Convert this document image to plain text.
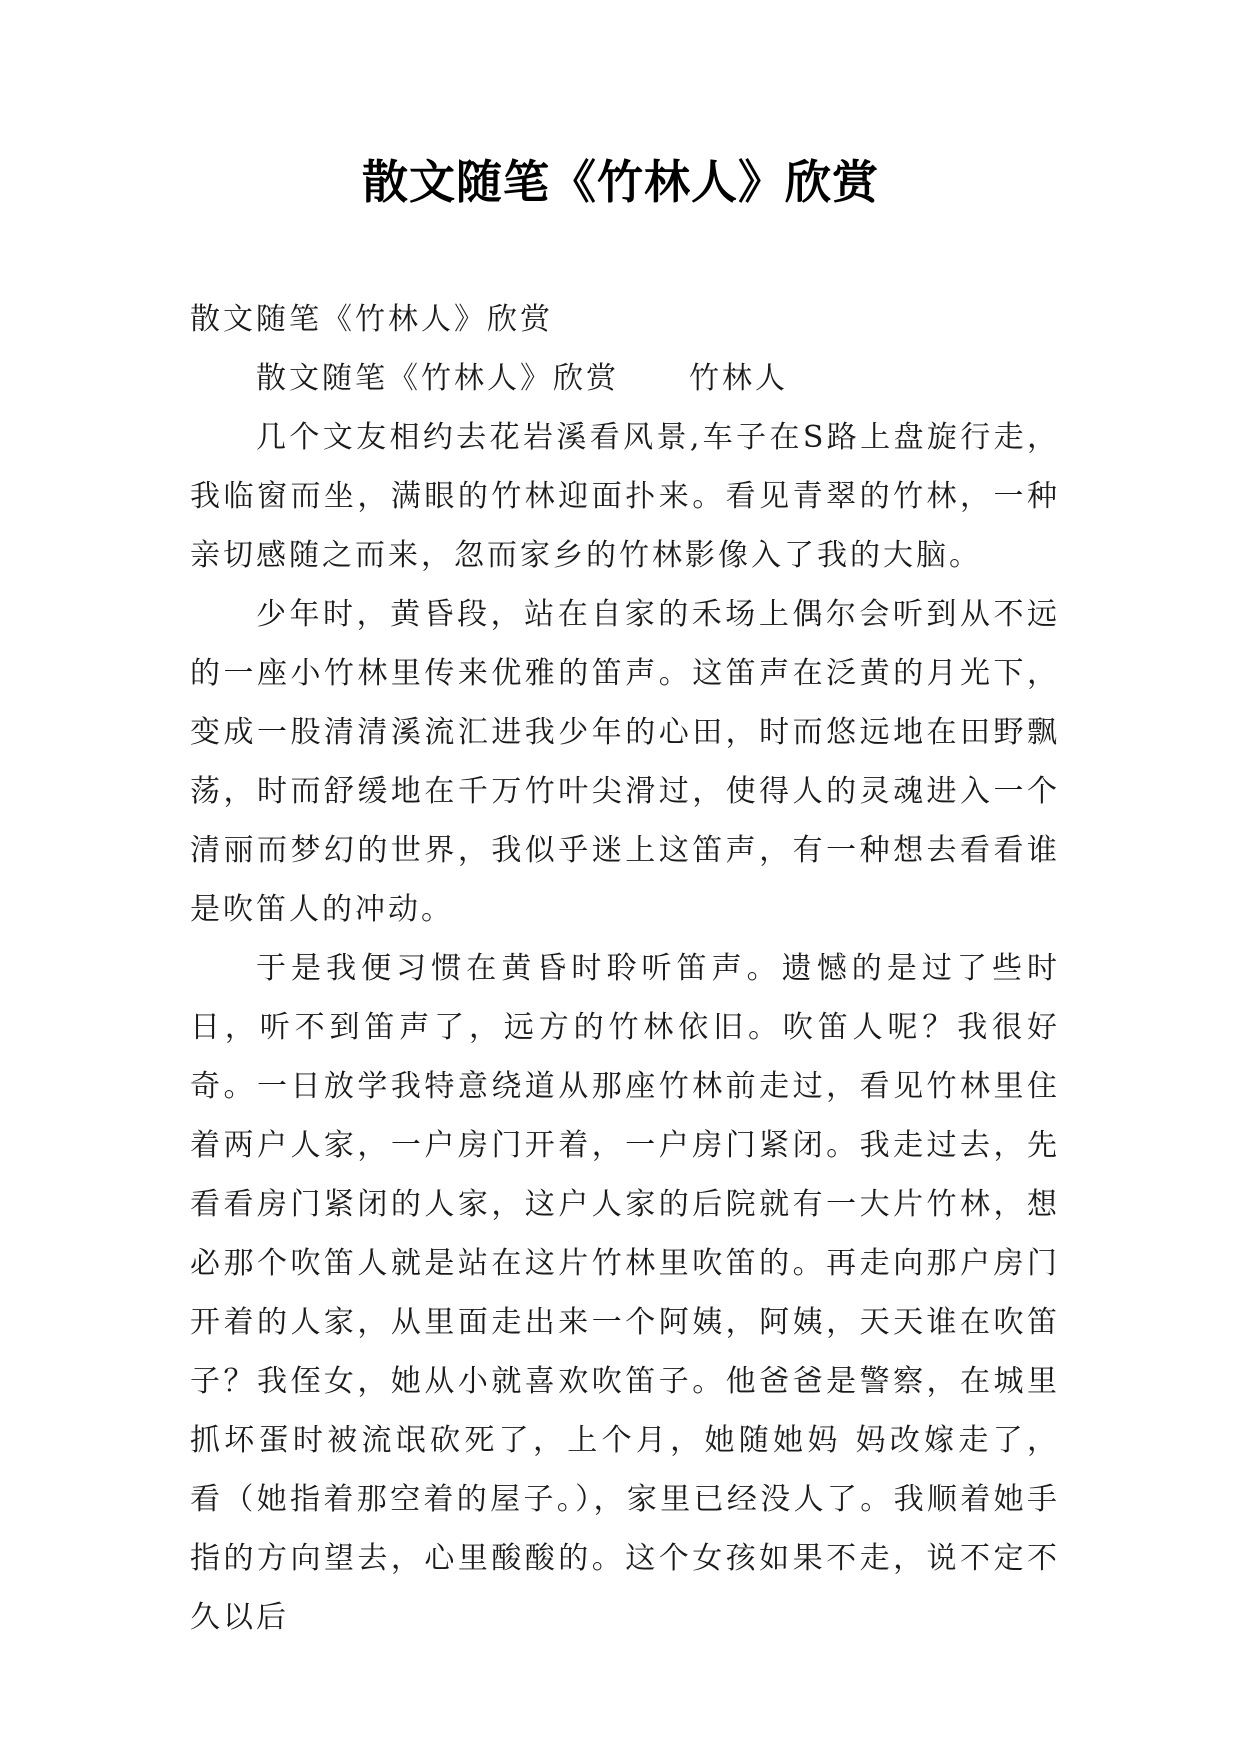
散文随笔《竹林人》欣赏

散文随笔《竹林人》欣赏

散文随笔《竹林人》欣赏 竹林人

几个文友相约去花岩溪看风景,车子在S路上盘旋行走，我临窗而坐，满眼的竹林迎面扑来。看见青翠的竹林，一种亲切感随之而来，忽而家乡的竹林影像入了我的大脑。

少年时，黄昏段，站在自家的禾场上偶尔会听到从不远的一座小竹林里传来优雅的笛声。这笛声在泛黄的月光下，变成一股清清溪流汇进我少年的心田，时而悠远地在田野飘荡，时而舒缓地在千万竹叶尖滑过，使得人的灵魂进入一个清丽而梦幻的世界，我似乎迷上这笛声，有一种想去看看谁是吹笛人的冲动。

于是我便习惯在黄昏时聆听笛声。遗憾的是过了些时日，听不到笛声了，远方的竹林依旧。吹笛人呢？我很好奇。一日放学我特意绕道从那座竹林前走过，看见竹林里住着两户人家，一户房门开着，一户房门紧闭。我走过去，先看看房门紧闭的人家，这户人家的后院就有一大片竹林，想必那个吹笛人就是站在这片竹林里吹笛的。再走向那户房门开着的人家，从里面走出来一个阿姨，阿姨，天天谁在吹笛子？我侄女，她从小就喜欢吹笛子。他爸爸是警察，在城里抓坏蛋时被流氓砍死了，上个月，她随她妈 妈改嫁走了，看（她指着那空着的屋子。），家里已经没人了。我顺着她手指的方向望去，心里酸酸的。这个女孩如果不走，说不定不久以后
